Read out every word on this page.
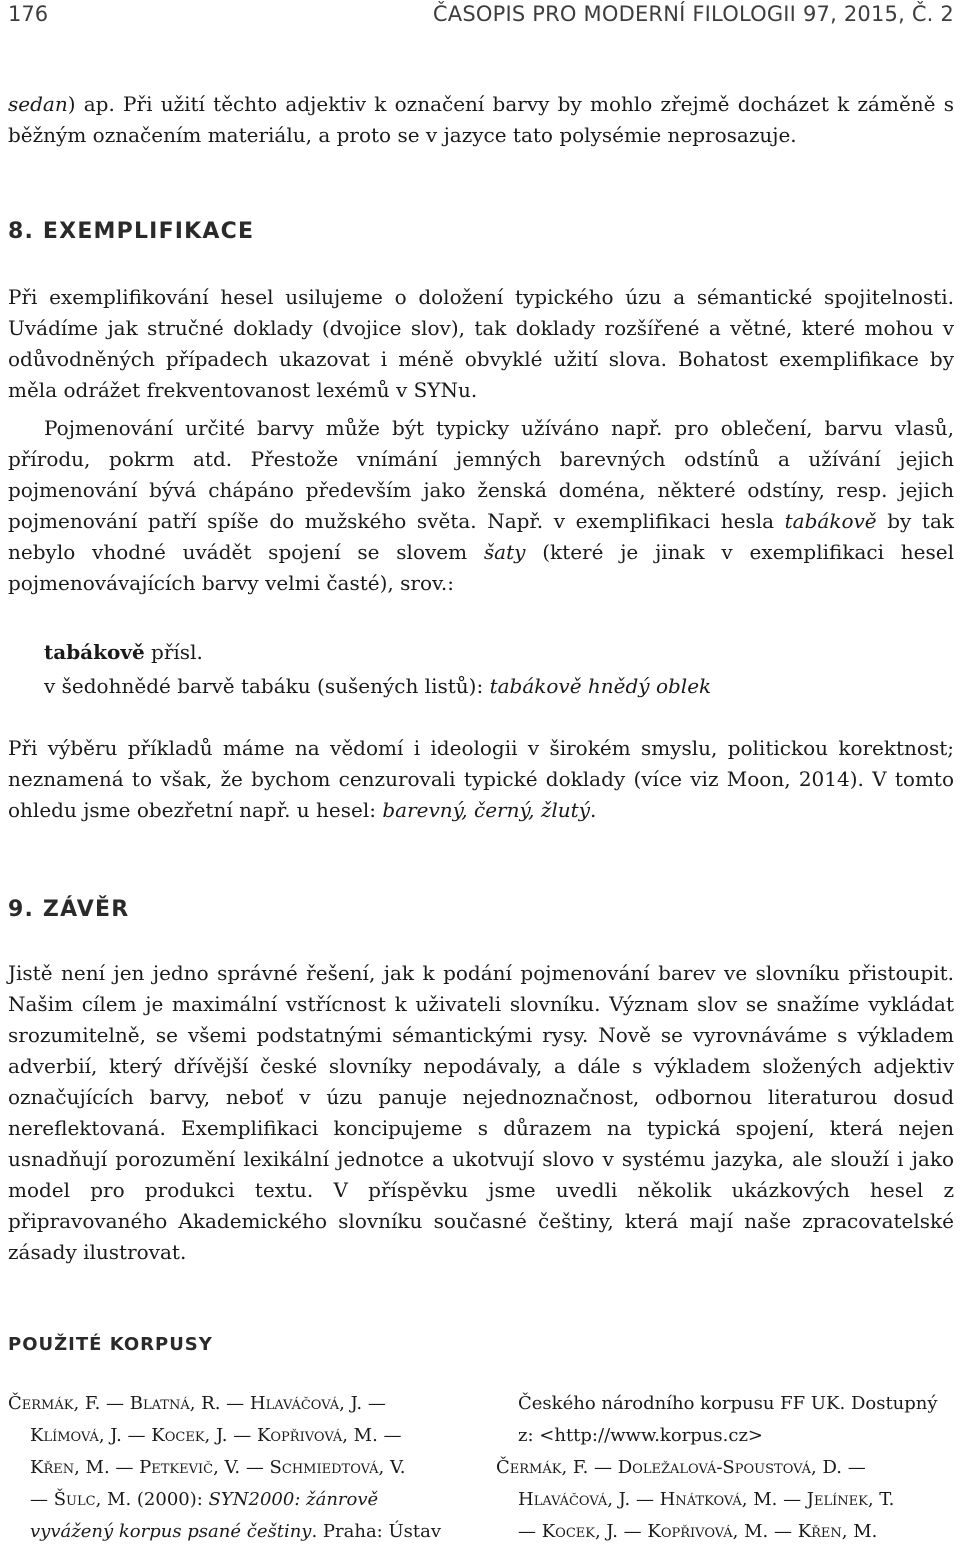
176	ČASOPIS PRO MODERNÍ FILOLOGII 97, 2015, Č. 2
sedan) ap. Při užití těchto adjektiv k označení barvy by mohlo zřejmě docházet k záměně s běžným označením materiálu, a proto se v jazyce tato polysémie neprosazuje.
8. EXEMPLIFIKACE
Při exemplifikování hesel usilujeme o doložení typického úzu a sémantické spojitelnosti. Uvádíme jak stručné doklady (dvojice slov), tak doklady rozšířené a větné, které mohou v odůvodněných případech ukazovat i méně obvyklé užití slova. Bohatost exemplifikace by měla odrážet frekventovanost lexémů v SYNu.
Pojmenování určité barvy může být typicky užíváno např. pro oblečení, barvu vlasů, přírodu, pokrm atd. Přestože vnímání jemných barevných odstínů a užívání jejich pojmenování bývá chápáno především jako ženská doména, některé odstíny, resp. jejich pojmenování patří spíše do mužského světa. Např. v exemplifikaci hesla tabákově by tak nebylo vhodné uvádět spojení se slovem šaty (které je jinak v exemplifikaci hesel pojmenovávajících barvy velmi časté), srov.:
tabákově přísl.
v šedohnědé barvě tabáku (sušených listů): tabákově hnědý oblek
Při výběru příkladů máme na vědomí i ideologii v širokém smyslu, politickou korektnost; neznamená to však, že bychom cenzurovali typické doklady (více viz Moon, 2014). V tomto ohledu jsme obezřetní např. u hesel: barevný, černý, žlutý.
9. ZÁVĚR
Jistě není jen jedno správné řešení, jak k podání pojmenování barev ve slovníku přistoupit. Našim cílem je maximální vstřícnost k uživateli slovníku. Význam slov se snažíme vykládat srozumitelně, se všemi podstatnými sémantickými rysy. Nově se vyrovnáváme s výkladem adverbií, který dřívější české slovníky nepodávaly, a dále s výkladem složených adjektiv označujících barvy, neboť v úzu panuje nejednoznačnost, odbornou literaturou dosud nereflektovaná. Exemplifikaci koncipujeme s důrazem na typická spojení, která nejen usnadňují porozumění lexikální jednotce a ukotvují slovo v systému jazyka, ale slouží i jako model pro produkci textu. V příspěvku jsme uvedli několik ukázkových hesel z připravovaného Akademického slovníku současné češtiny, která mají naše zpracovatelské zásady ilustrovat.
POUŽITÉ KORPUSY

Čermák, F. — Blatná, R. — Hlaváčová, J. —

Klímová, J. — Kocek, J. — Kopřivová, M. —

Křen, M. — Petkevič, V. — Schmiedtová, V.

— Šulc, M. (2000): SYN2000: žánrově

vyvážený korpus psané češtiny. Praha: Ústav

Českého národního korpusu FF UK. Dostupný

z: <http://www.korpus.cz>

Čermák, F. — Doležalová-Spoustová, D. —

Hlaváčová, J. — Hnátková, M. — Jelínek, T.

— Kocek, J. — Kopřivová, M. — Křen, M.
